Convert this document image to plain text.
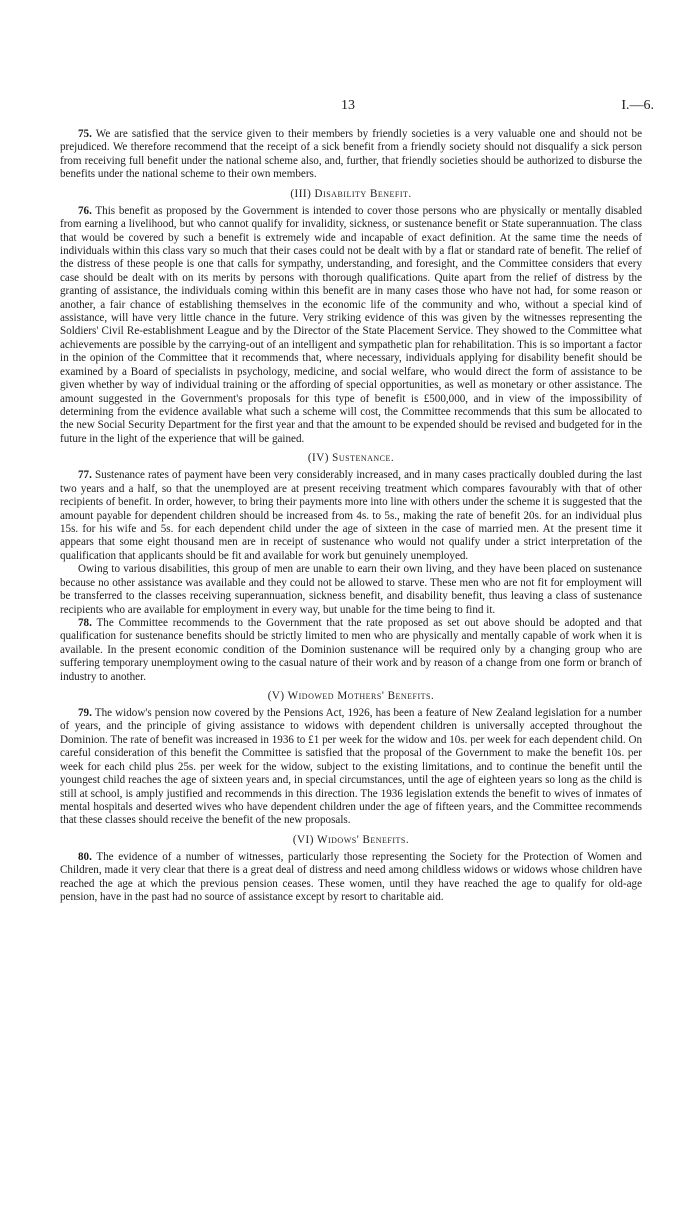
13	I.—6.

75. We are satisfied that the service given to their members by friendly societies is a very valuable one and should not be prejudiced. We therefore recommend that the receipt of a sick benefit from a friendly society should not disqualify a sick person from receiving full benefit under the national scheme also, and, further, that friendly societies should be authorized to disburse the benefits under the national scheme to their own members.

(III) Disability Benefit.

76. This benefit as proposed by the Government is intended to cover those persons who are physically or mentally disabled from earning a livelihood, but who cannot qualify for invalidity, sickness, or sustenance benefit or State superannuation. The class that would be covered by such a benefit is extremely wide and incapable of exact definition. At the same time the needs of individuals within this class vary so much that their cases could not be dealt with by a flat or standard rate of benefit. The relief of the distress of these people is one that calls for sympathy, understanding, and foresight, and the Committee considers that every case should be dealt with on its merits by persons with thorough qualifications. Quite apart from the relief of distress by the granting of assistance, the individuals coming within this benefit are in many cases those who have not had, for some reason or another, a fair chance of establishing themselves in the economic life of the community and who, without a special kind of assistance, will have very little chance in the future. Very striking evidence of this was given by the witnesses representing the Soldiers' Civil Re-establishment League and by the Director of the State Placement Service. They showed to the Committee what achievements are possible by the carrying-out of an intelligent and sympathetic plan for rehabilitation. This is so important a factor in the opinion of the Committee that it recommends that, where necessary, individuals applying for disability benefit should be examined by a Board of specialists in psychology, medicine, and social welfare, who would direct the form of assistance to be given whether by way of individual training or the affording of special opportunities, as well as monetary or other assistance. The amount suggested in the Government's proposals for this type of benefit is £500,000, and in view of the impossibility of determining from the evidence available what such a scheme will cost, the Committee recommends that this sum be allocated to the new Social Security Department for the first year and that the amount to be expended should be revised and budgeted for in the future in the light of the experience that will be gained.

(IV) Sustenance.

77. Sustenance rates of payment have been very considerably increased, and in many cases practically doubled during the last two years and a half, so that the unemployed are at present receiving treatment which compares favourably with that of other recipients of benefit. In order, however, to bring their payments more into line with others under the scheme it is suggested that the amount payable for dependent children should be increased from 4s. to 5s., making the rate of benefit 20s. for an individual plus 15s. for his wife and 5s. for each dependent child under the age of sixteen in the case of married men. At the present time it appears that some eight thousand men are in receipt of sustenance who would not qualify under a strict interpretation of the qualification that applicants should be fit and available for work but genuinely unemployed.

Owing to various disabilities, this group of men are unable to earn their own living, and they have been placed on sustenance because no other assistance was available and they could not be allowed to starve. These men who are not fit for employment will be transferred to the classes receiving superannuation, sickness benefit, and disability benefit, thus leaving a class of sustenance recipients who are available for employment in every way, but unable for the time being to find it.

78. The Committee recommends to the Government that the rate proposed as set out above should be adopted and that qualification for sustenance benefits should be strictly limited to men who are physically and mentally capable of work when it is available. In the present economic condition of the Dominion sustenance will be required only by a changing group who are suffering temporary unemployment owing to the casual nature of their work and by reason of a change from one form or branch of industry to another.

(V) Widowed Mothers' Benefits.

79. The widow's pension now covered by the Pensions Act, 1926, has been a feature of New Zealand legislation for a number of years, and the principle of giving assistance to widows with dependent children is universally accepted throughout the Dominion. The rate of benefit was increased in 1936 to £1 per week for the widow and 10s. per week for each dependent child. On careful consideration of this benefit the Committee is satisfied that the proposal of the Government to make the benefit 10s. per week for each child plus 25s. per week for the widow, subject to the existing limitations, and to continue the benefit until the youngest child reaches the age of sixteen years and, in special circumstances, until the age of eighteen years so long as the child is still at school, is amply justified and recommends in this direction. The 1936 legislation extends the benefit to wives of inmates of mental hospitals and deserted wives who have dependent children under the age of fifteen years, and the Committee recommends that these classes should receive the benefit of the new proposals.

(VI) Widows' Benefits.

80. The evidence of a number of witnesses, particularly those representing the Society for the Protection of Women and Children, made it very clear that there is a great deal of distress and need among childless widows or widows whose children have reached the age at which the previous pension ceases. These women, until they have reached the age to qualify for old-age pension, have in the past had no source of assistance except by resort to charitable aid.
